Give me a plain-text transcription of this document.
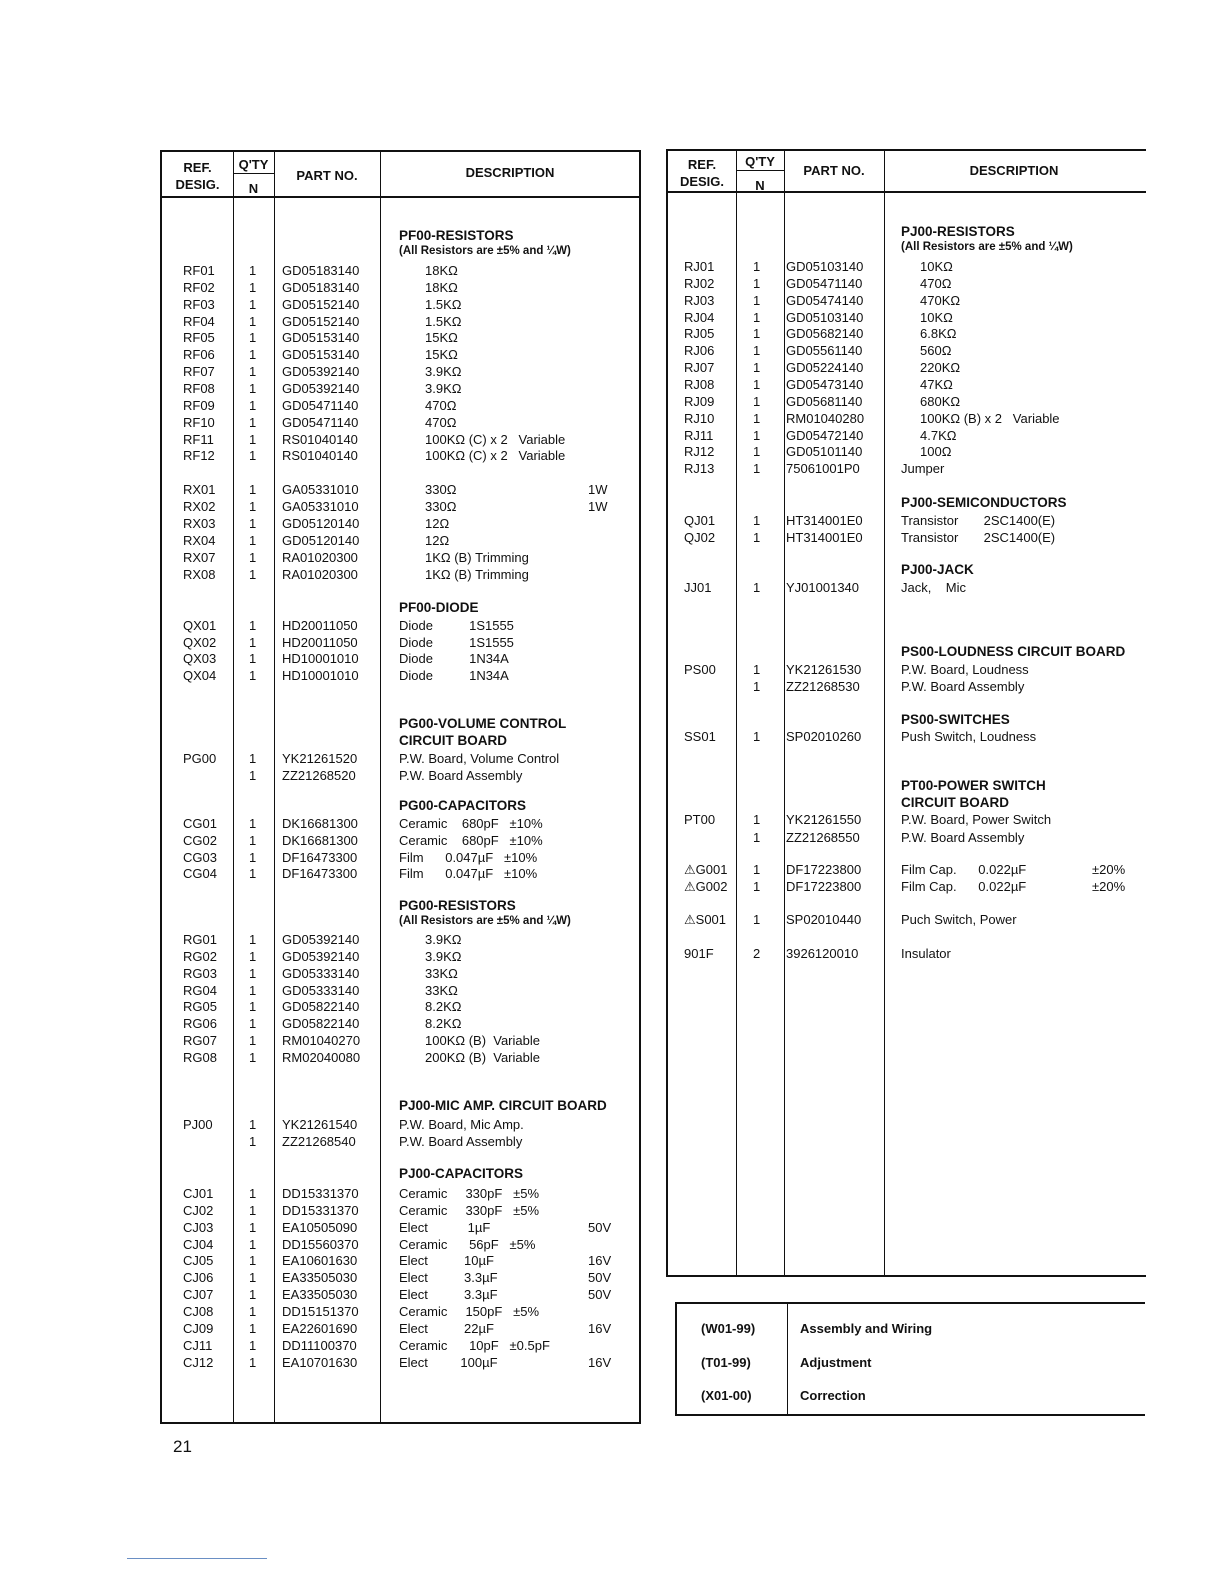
REF.
DESIG.
Q'TY
N
PART NO.	DESCRIPTION
PF00-RESISTORS
(All Resistors are ±5% and ¼W)
RF01	1 GD05183140	18KΩ
RF02	1 GD05183140	18KΩ
RF03	1 GD05152140	1.5KΩ
RF04	1 GD05152140	1.5KΩ
RF05	1 GD05153140	15KΩ
RF06	1 GD05153140	15KΩ
RF07	1 GD05392140	3.9KΩ
RF08	1 GD05392140	3.9KΩ
RF09	1 GD05471140	470Ω
RF10	1 GD05471140	470Ω
RF11	1 RS01040140	100KΩ (C) x 2   Variable
RF12	1 RS01040140	100KΩ (C) x 2   Variable
RX01	1 GA05331010	330Ω	1W
RX02	1 GA05331010	330Ω	1W
RX03	1 GD05120140	12Ω
RX04	1 GD05120140	12Ω
RX07	1 RA01020300	1KΩ (B) Trimming
RX08	1 RA01020300	1KΩ (B) Trimming
PF00-DIODE
QX01	1 HD20011050	Diode          1S1555
QX02	1 HD20011050	Diode          1S1555
QX03	1 HD10001010	Diode          1N34A
QX04	1 HD10001010	Diode          1N34A
PG00-VOLUME CONTROL
CIRCUIT BOARD
PG00	1 YK21261520	P.W. Board, Volume Control
1 ZZ21268520	P.W. Board Assembly
PG00-CAPACITORS
CG01 1 DK16681300	Ceramic    680pF   ±10%
CG02 1 DK16681300	Ceramic    680pF   ±10%
CG03 1 DF16473300	Film      0.047µF   ±10%
CG04 1 DF16473300	Film      0.047µF   ±10%
PG00-RESISTORS
(All Resistors are ±5% and ¼W)
RG01 1 GD05392140	3.9KΩ
RG02 1 GD05392140	3.9KΩ
RG03 1 GD05333140	33KΩ
RG04 1 GD05333140	33KΩ
RG05 1 GD05822140	8.2KΩ
RG06 1 GD05822140	8.2KΩ
RG07 1 RM01040270	100KΩ (B)  Variable
RG08 1 RM02040080	200KΩ (B)  Variable
PJ00-MIC AMP. CIRCUIT BOARD
PJ00	1 YK21261540	P.W. Board, Mic Amp.
1 ZZ21268540	P.W. Board Assembly
PJ00-CAPACITORS
CJ01	1 DD15331370	Ceramic     330pF   ±5%
CJ02	1 DD15331370	Ceramic     330pF   ±5%
CJ03	1 EA10505090	Elect           1µF	50V
CJ04	1 DD15560370	Ceramic      56pF   ±5%
CJ05	1 EA10601630	Elect          10µF	16V
CJ06	1 EA33505030	Elect          3.3µF	50V
CJ07	1 EA33505030	Elect          3.3µF	50V
CJ08	1 DD15151370	Ceramic     150pF   ±5%
CJ09	1 EA22601690	Elect          22µF	16V
CJ11	1 DD11100370	Ceramic      10pF   ±0.5pF
CJ12	1 EA10701630	Elect         100µF	16V
REF.
DESIG.
Q'TY
N
PART NO.	DESCRIPTION
PJ00-RESISTORS
(All Resistors are ±5% and ¼W)
RJ01	1 GD05103140	10KΩ
RJ02	1 GD05471140	470Ω
RJ03	1 GD05474140	470KΩ
RJ04	1 GD05103140	10KΩ
RJ05	1 GD05682140	6.8KΩ
RJ06	1 GD05561140	560Ω
RJ07	1 GD05224140	220KΩ
RJ08	1 GD05473140	47KΩ
RJ09	1 GD05681140	680KΩ
RJ10	1 RM01040280	100KΩ (B) x 2   Variable
RJ11	1 GD05472140	4.7KΩ
RJ12	1 GD05101140	100Ω
RJ13	1 75061001P0	Jumper
PJ00-SEMICONDUCTORS
QJ01	1 HT314001E0	Transistor       2SC1400(E)
QJ02	1 HT314001E0	Transistor       2SC1400(E)
PJ00-JACK
JJ01	1 YJ01001340	Jack,    Mic
PS00-LOUDNESS CIRCUIT BOARD
PS00	1 YK21261530	P.W. Board, Loudness
1 ZZ21268530	P.W. Board Assembly
PS00-SWITCHES
SS01	1 SP02010260	Push Switch, Loudness
PT00-POWER SWITCH
CIRCUIT BOARD
PT00	1 YK21261550	P.W. Board, Power Switch
1 ZZ21268550	P.W. Board Assembly
⚠G001 1 DF17223800	Film Cap.      0.022µF	±20%
⚠G002 1 DF17223800	Film Cap.      0.022µF	±20%
⚠S001 1 SP02010440	Puch Switch, Power
901F	2 3926120010	Insulator
(W01-99)	Assembly and Wiring
(T01-99)	Adjustment
(X01-00)	Correction
21
